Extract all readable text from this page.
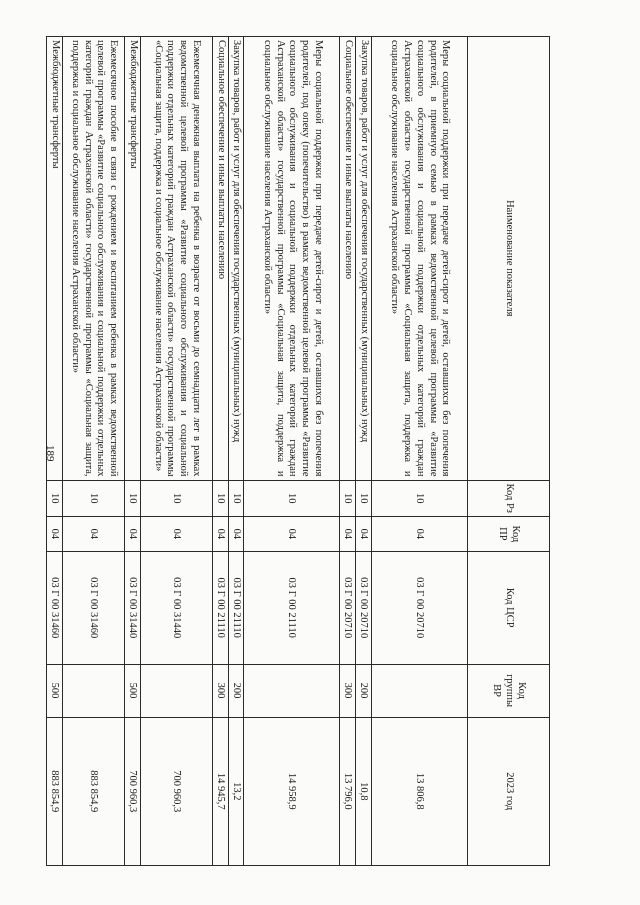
189
Наименование показателя	Код Рз	Код ПР	Код ЦСР	Код группы ВР	2023 год
Меры социальной поддержки при передаче детей-сирот и детей, оставшихся без попечения родителей, в приемную семью в рамках ведомственной целевой программы «Развитие социального обслуживания и социальной поддержки отдельных категорий граждан Астраханской области» государственной программы «Социальная защита, поддержка и социальное обслуживание населения Астраханской области»	10	04	03 Г 00 20710		13 806,8
Закупка товаров, работ и услуг для обеспечения государственных (муниципальных) нужд	10	04	03 Г 00 20710	200	10,8
Социальное обеспечение и иные выплаты населению	10	04	03 Г 00 20710	300	13 796,0
Меры социальной поддержки при передаче детей-сирот и детей, оставшихся без попечения родителей, под опеку (попечительство) в рамках ведомственной целевой программы «Развитие социального обслуживания и социальной поддержки отдельных категорий граждан Астраханской области» государственной программы «Социальная защита, поддержка и социальное обслуживание населения Астраханской области»	10	04	03 Г 00 21110		14 958,9
Закупка товаров, работ и услуг для обеспечения государственных (муниципальных) нужд	10	04	03 Г 00 21110	200	13,2
Социальное обеспечение и иные выплаты населению	10	04	03 Г 00 21110	300	14 945,7
Ежемесячная денежная выплата на ребенка в возрасте от восьми до семнадцати лет в рамках ведомственной целевой программы «Развитие социального обслуживания и социальной поддержки отдельных категорий граждан Астраханской области» государственной программы «Социальная защита, поддержка и социальное обслуживание населения Астраханской области»	10	04	03 Г 00 31440		700 960,3
Межбюджетные трансферты	10	04	03 Г 00 31440	500	700 960,3
Ежемесячное пособие в связи с рождением и воспитанием ребенка в рамках ведомственной целевой программы «Развитие социального обслуживания и социальной поддержки отдельных категорий граждан Астраханской области» государственной программы «Социальная защита, поддержка и социальное обслуживание населения Астраханской области»	10	04	03 Г 00 31460		883 854,9
Межбюджетные трансферты	10	04	03 Г 00 31460	500	883 854,9
